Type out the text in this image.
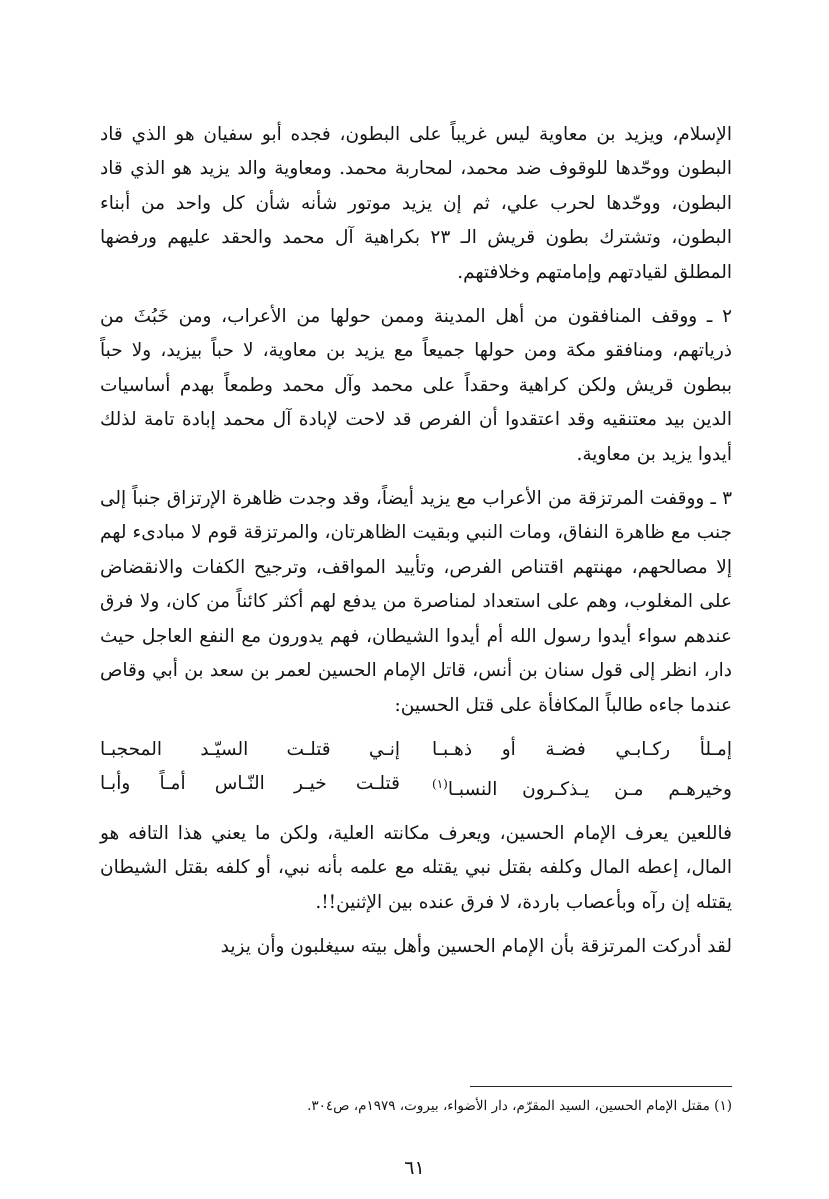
الإسلام، ويزيد بن معاوية ليس غريباً على البطون، فجده أبو سفيان هو الذي قاد البطون ووحّدها للوقوف ضد محمد، لمحاربة محمد. ومعاوية والد يزيد هو الذي قاد البطون، ووحّدها لحرب علي، ثم إن يزيد موتور شأنه شأن كل واحد من أبناء البطون، وتشترك بطون قريش الـ ٢٣ بكراهية آل محمد والحقد عليهم ورفضها المطلق لقيادتهم وإمامتهم وخلافتهم.

٢ ـ ووقف المنافقون من أهل المدينة وممن حولها من الأعراب، ومن خَبُثَ من ذرياتهم، ومنافقو مكة ومن حولها جميعاً مع يزيد بن معاوية، لا حباً بيزيد، ولا حباً ببطون قريش ولكن كراهية وحقداً على محمد وآل محمد وطمعاً بهدم أساسيات الدين بيد معتنقيه وقد اعتقدوا أن الفرص قد لاحت لإبادة آل محمد إبادة تامة لذلك أيدوا يزيد بن معاوية.

٣ ـ ووقفت المرتزقة من الأعراب مع يزيد أيضاً، وقد وجدت ظاهرة الإرتزاق جنباً إلى جنب مع ظاهرة النفاق، ومات النبي وبقيت الظاهرتان، والمرتزقة قوم لا مبادىء لهم إلا مصالحهم، مهنتهم اقتناص الفرص، وتأييد المواقف، وترجيح الكفات والانقضاض على المغلوب، وهم على استعداد لمناصرة من يدفع لهم أكثر كائناً من كان، ولا فرق عندهم سواء أيدوا رسول الله أم أيدوا الشيطان، فهم يدورون مع النفع العاجل حيث دار، انظر إلى قول سنان بن أنس، قاتل الإمام الحسين لعمر بن سعد بن أبي وقاص عندما جاءه طالباً المكافأة على قتل الحسين:

إمـلأ ركـابـي فضـة أو ذهـبـا
إنـي قتلـت السيّـد المحجبـا
وخيرهـم مـن يـذكـرون النسبـا$^{(١)}$
قتلـت خيـر النّـاس أمـاً وأبـا

فاللعين يعرف الإمام الحسين، ويعرف مكانته العلية، ولكن ما يعني هذا التافه هو المال، إعطه المال وكلفه بقتل نبي يقتله مع علمه بأنه نبي، أو كلفه بقتل الشيطان يقتله إن رآه وبأعصاب باردة، لا فرق عنده بين الإثنين!!.

لقد أدركت المرتزقة بأن الإمام الحسين وأهل بيته سيغلبون وأن يزيد

(١) مقتل الإمام الحسين، السيد المقرّم، دار الأضواء، بيروت، ١٩٧٩م، ص٣٠٤.
٦١
